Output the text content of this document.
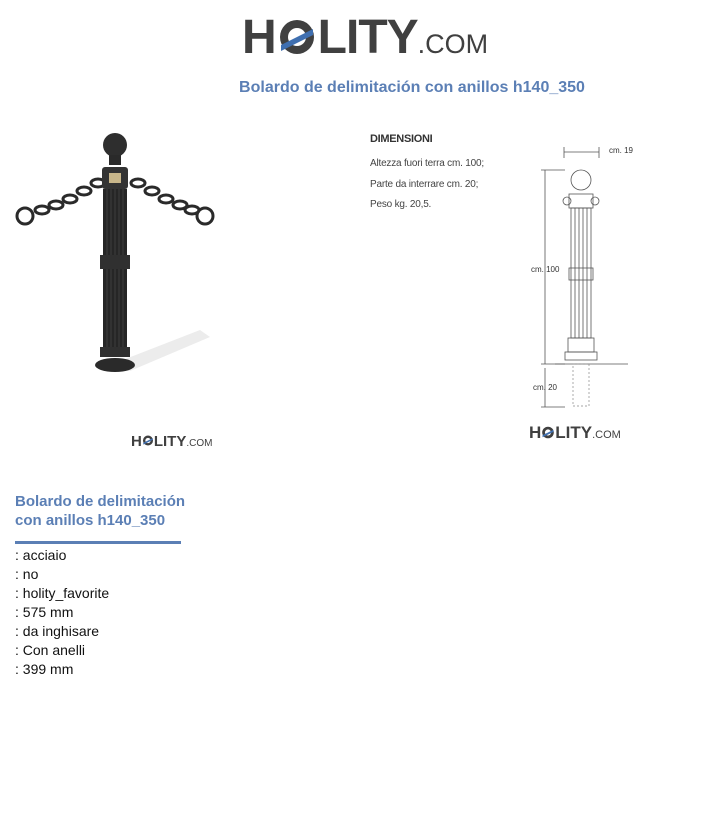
H LITY.COM
Bolardo de delimitación con anillos h140_350
H LITY.COM
DIMENSIONI
Altezza fuori terra cm. 100;
Parte da interrare cm. 20;
Peso kg. 20,5.
cm. 19
cm. 100
cm. 20
H LITY.COM
Bolardo de delimitación con anillos h140_350
: acciaio
: no
: holity_favorite
: 575 mm
: da inghisare
: Con anelli
: 399 mm
